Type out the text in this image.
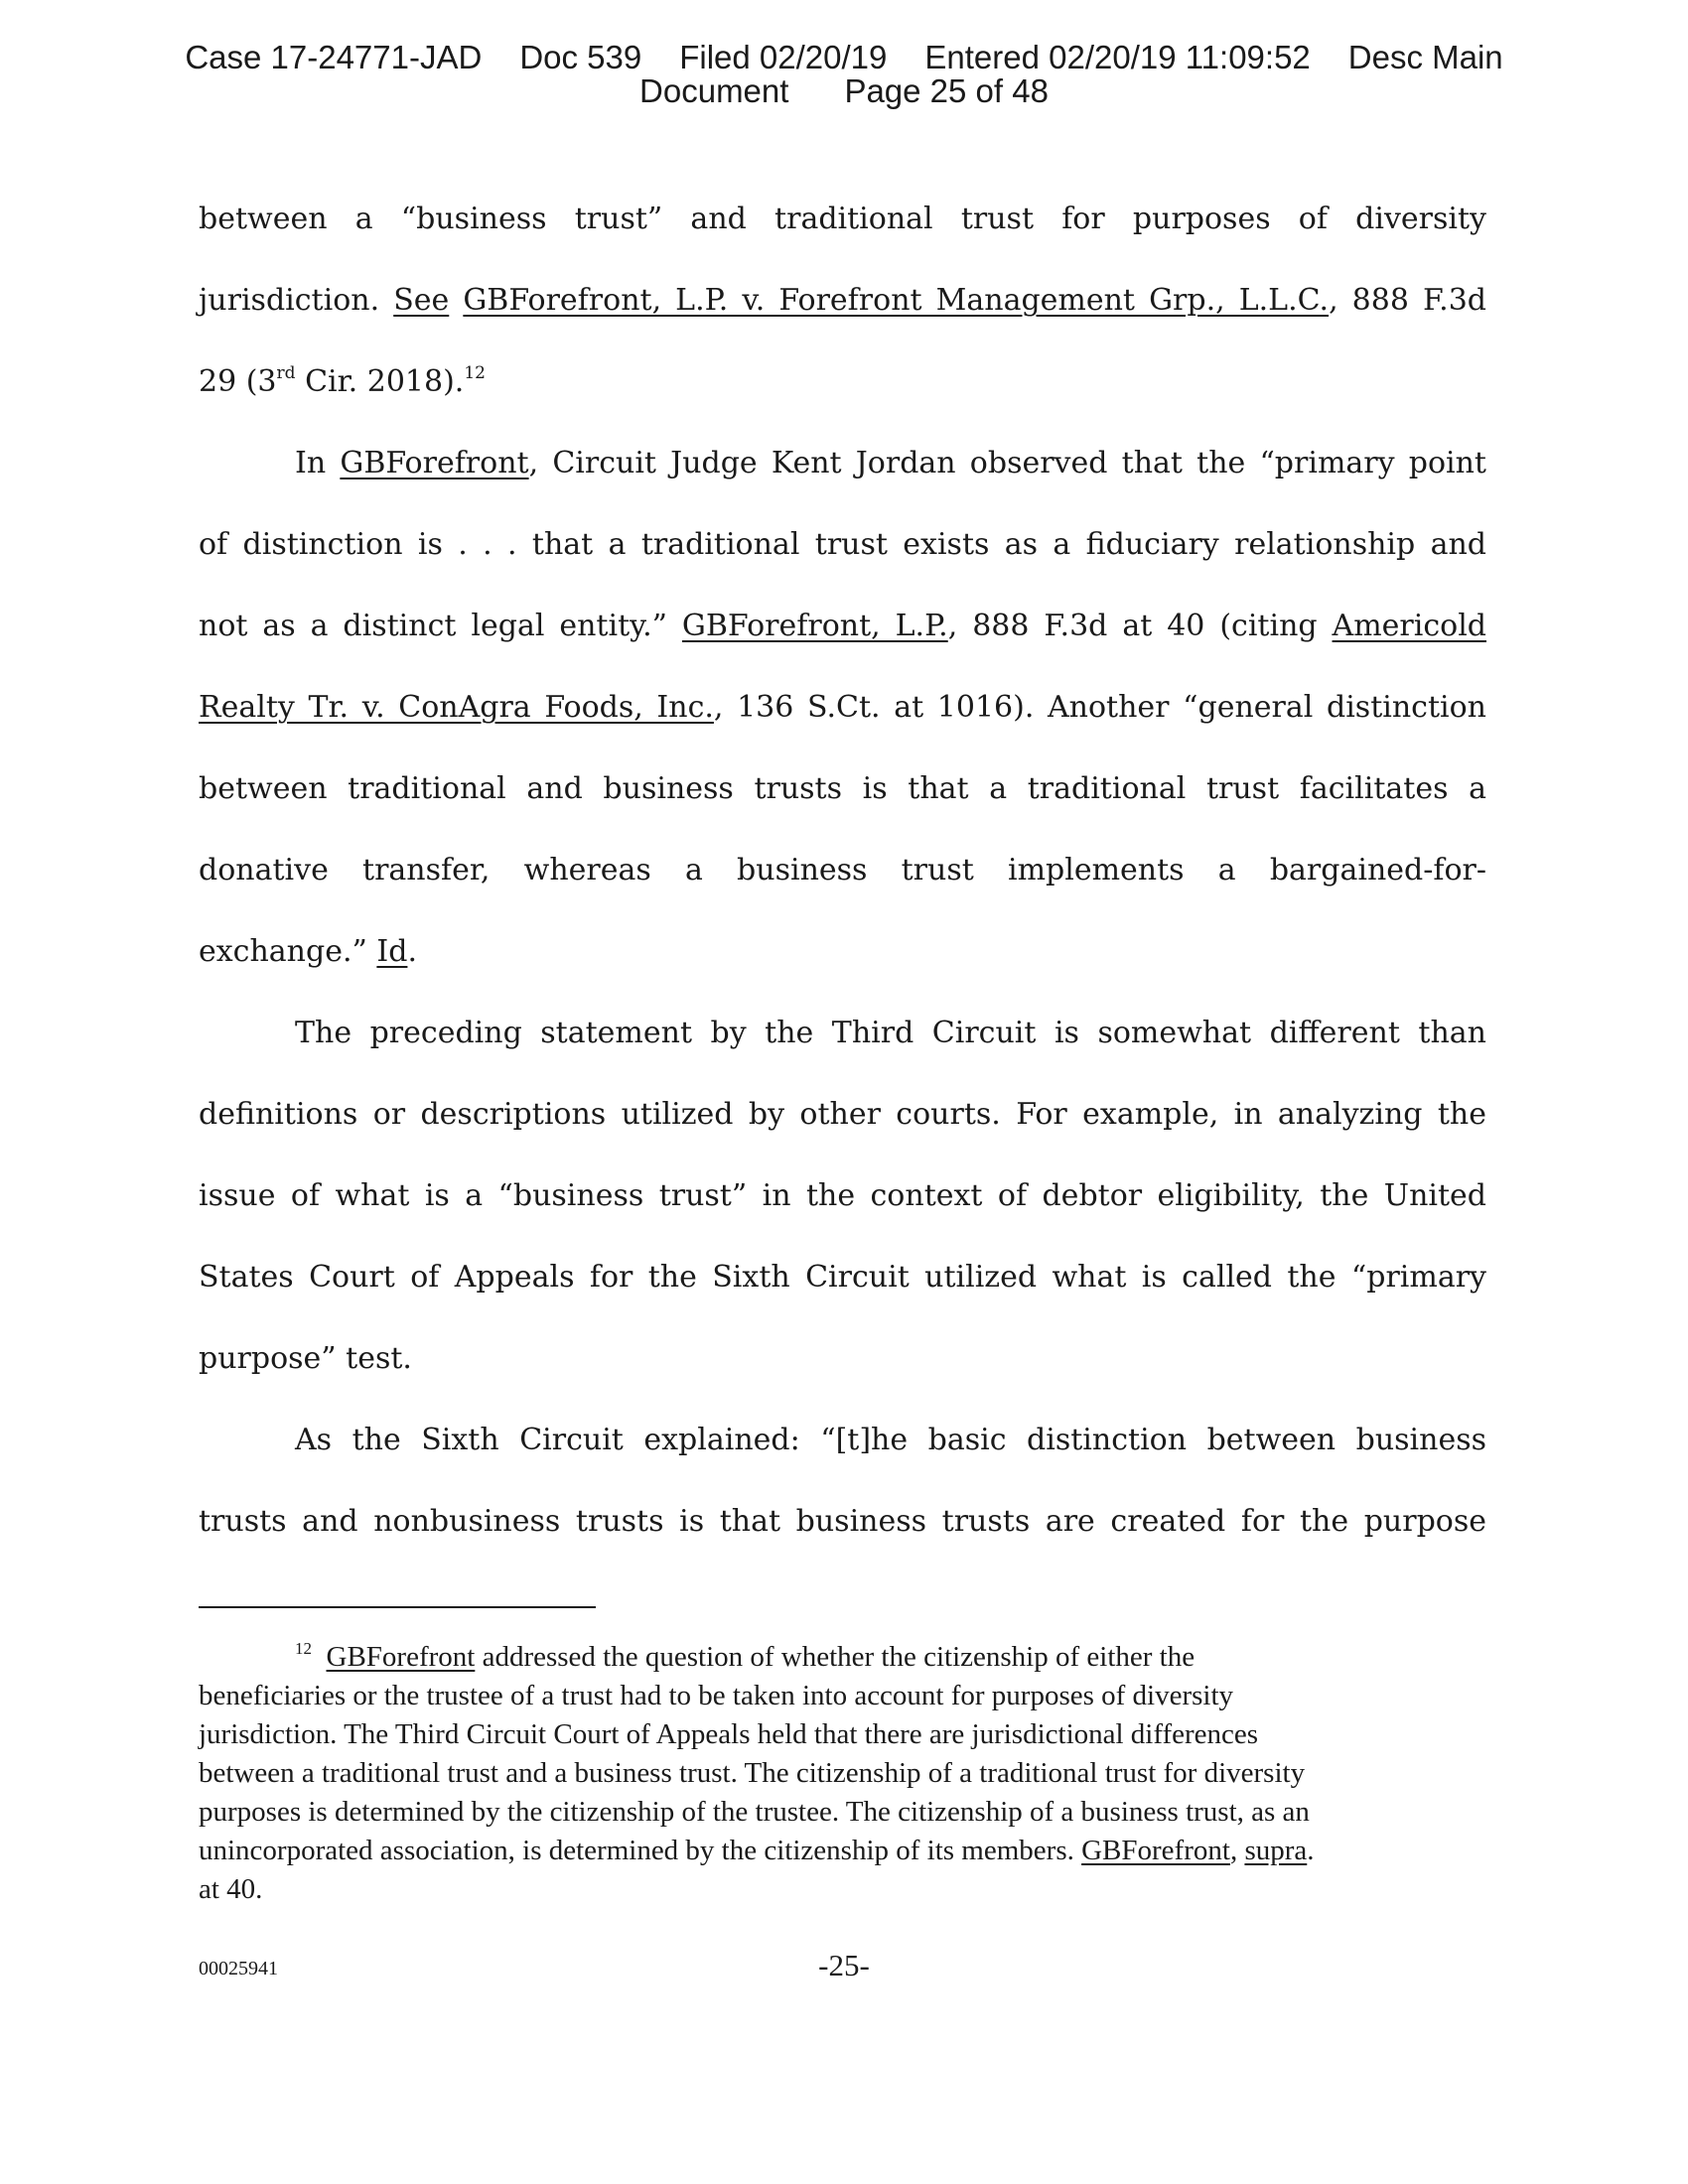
Case 17-24771-JAD Doc 539 Filed 02/20/19 Entered 02/20/19 11:09:52 Desc Main
Document Page 25 of 48
between a “business trust” and traditional trust for purposes of diversity
jurisdiction. See GBForefront, L.P. v. Forefront Management Grp., L.L.C., 888 F.3d
29 (3rd Cir. 2018).$^{12}$
In GBForefront, Circuit Judge Kent Jordan observed that the “primary point
of distinction is . . . that a traditional trust exists as a fiduciary relationship and
not as a distinct legal entity.” GBForefront, L.P., 888 F.3d at 40 (citing Americold
Realty Tr. v. ConAgra Foods, Inc., 136 S.Ct. at 1016). Another “general distinction
between traditional and business trusts is that a traditional trust facilitates a
donative transfer, whereas a business trust implements a bargained-for-
exchange.” Id.
The preceding statement by the Third Circuit is somewhat different than
definitions or descriptions utilized by other courts. For example, in analyzing the
issue of what is a “business trust” in the context of debtor eligibility, the United
States Court of Appeals for the Sixth Circuit utilized what is called the “primary
purpose” test.
As the Sixth Circuit explained: “[t]he basic distinction between business
trusts and nonbusiness trusts is that business trusts are created for the purpose
$^{12}$ GBForefront addressed the question of whether the citizenship of either the
beneficiaries or the trustee of a trust had to be taken into account for purposes of diversity
jurisdiction. The Third Circuit Court of Appeals held that there are jurisdictional differences
between a traditional trust and a business trust. The citizenship of a traditional trust for diversity
purposes is determined by the citizenship of the trustee. The citizenship of a business trust, as an
unincorporated association, is determined by the citizenship of its members. GBForefront, supra.
at 40.
00025941	-25-
